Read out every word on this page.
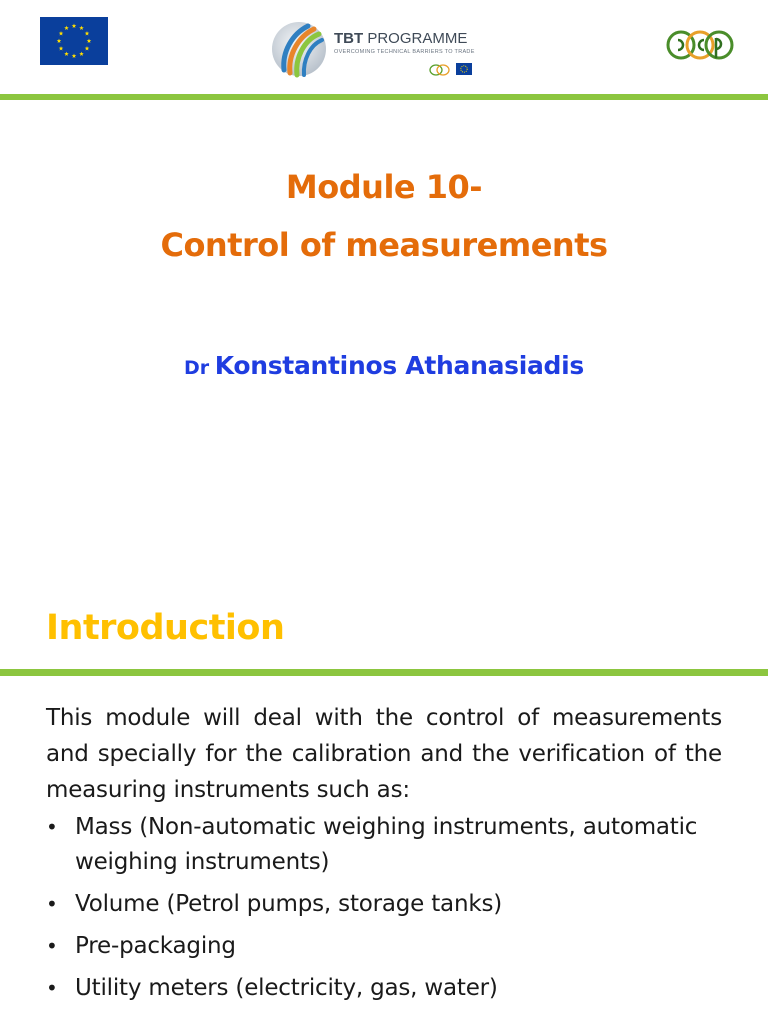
TBT PROGRAMME
OVERCOMING TECHNICAL BARRIERS TO TRADE
Module 10-
Control of measurements
Dr Konstantinos Athanasiadis
Introduction

This module will deal with the control of measurements and specially for the calibration and the verification of the measuring instruments such as:

• Mass (Non-automatic weighing instruments, automatic weighing instruments)
• Volume (Petrol pumps, storage tanks)
• Pre-packaging
• Utility meters (electricity, gas, water)
